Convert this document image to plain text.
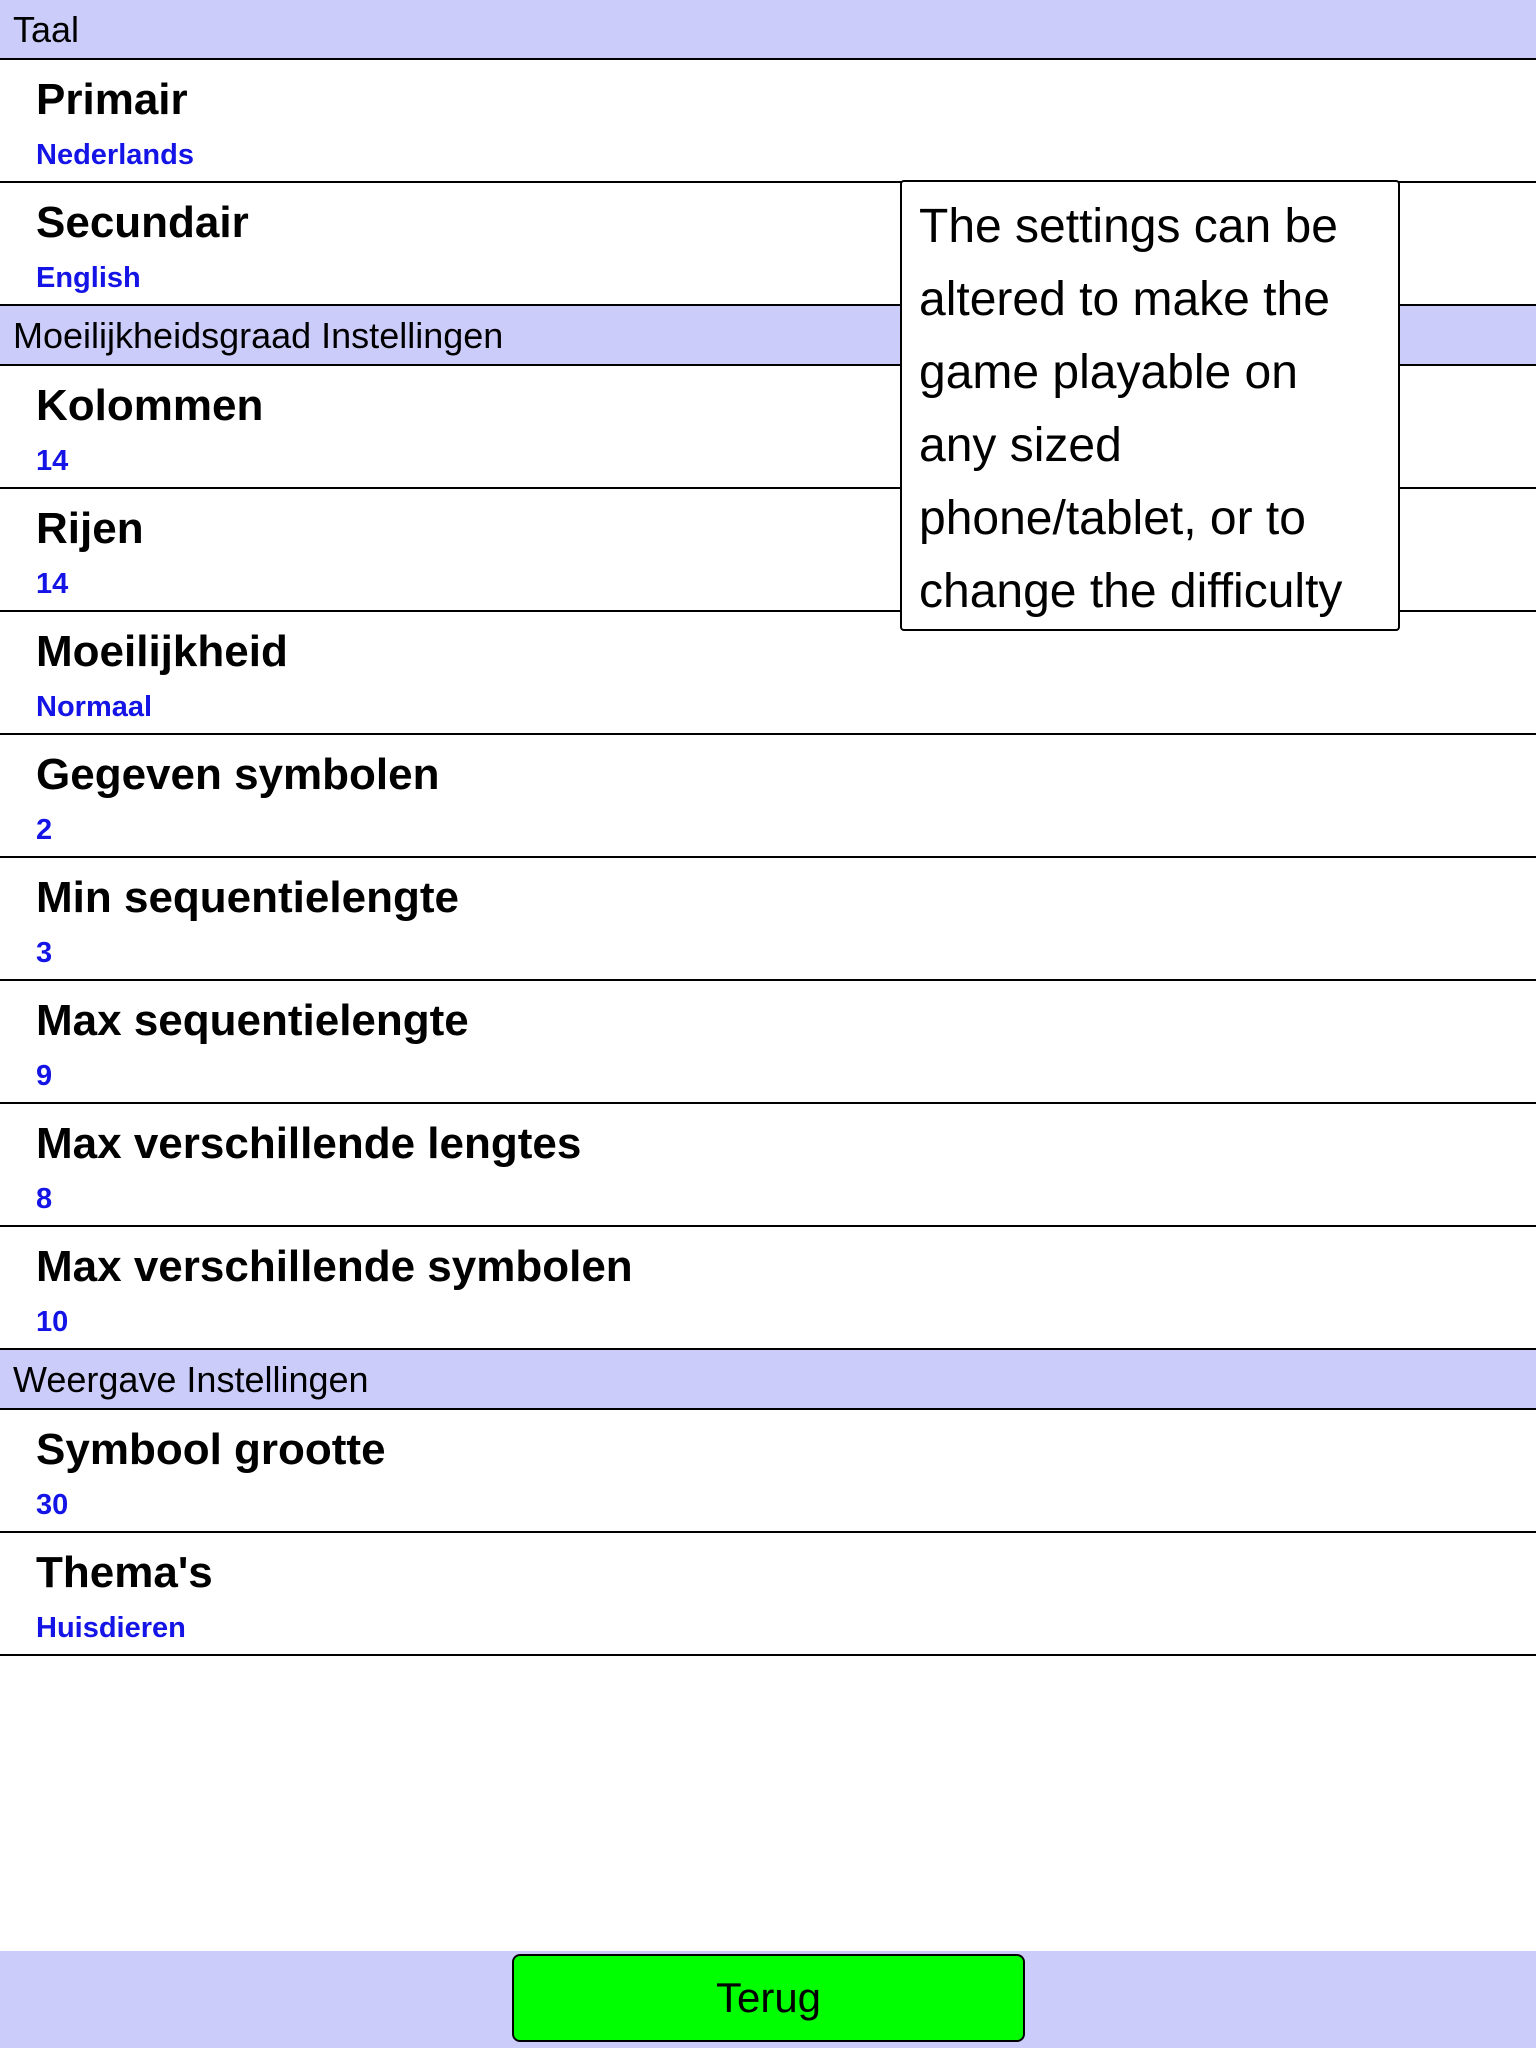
Taal
Primair
Nederlands
Secundair
English
Moeilijkheidsgraad Instellingen
Kolommen
14
Rijen
14
Moeilijkheid
Normaal
Gegeven symbolen
2
Min sequentielengte
3
Max sequentielengte
9
Max verschillende lengtes
8
Max verschillende symbolen
10
Weergave Instellingen
Symbool grootte
30
Thema's
Huisdieren
The settings can be altered to make the game playable on any sized phone/tablet, or to change the difficulty
Terug
